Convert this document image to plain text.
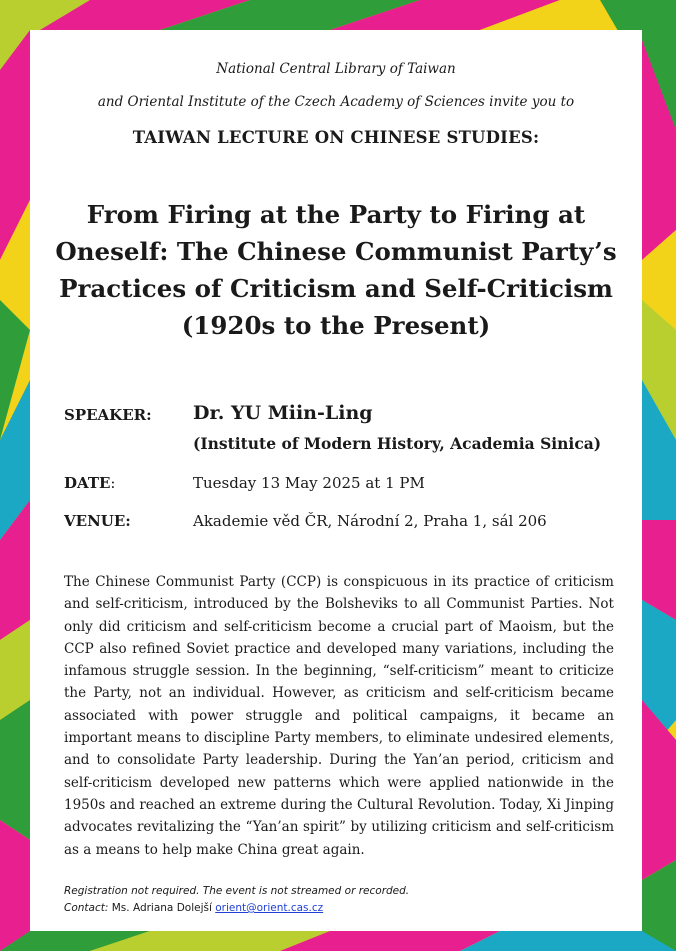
National Central Library of Taiwan
and Oriental Institute of the Czech Academy of Sciences invite you to
TAIWAN LECTURE ON CHINESE STUDIES:
From Firing at the Party to Firing at Oneself: The Chinese Communist Party’s Practices of Criticism and Self-Criticism (1920s to the Present)
SPEAKER: Dr. YU Miin-Ling
(Institute of Modern History, Academia Sinica)
DATE:	Tuesday 13 May 2025 at 1 PM
VENUE:	Akademie věd ČR, Národní 2, Praha 1, sál 206
The Chinese Communist Party (CCP) is conspicuous in its practice of criticism and self-criticism, introduced by the Bolsheviks to all Communist Parties. Not only did criticism and self-criticism become a crucial part of Maoism, but the CCP also refined Soviet practice and developed many variations, including the infamous struggle session. In the beginning, “self-criticism” meant to criticize the Party, not an individual. However, as criticism and self-criticism became associated with power struggle and political campaigns, it became an important means to discipline Party members, to eliminate undesired elements, and to consolidate Party leadership. During the Yan’an period, criticism and self-criticism developed new patterns which were applied nationwide in the 1950s and reached an extreme during the Cultural Revolution. Today, Xi Jinping advocates revitalizing the “Yan’an spirit” by utilizing criticism and self-criticism as a means to help make China great again.
Registration not required. The event is not streamed or recorded.
Contact: Ms. Adriana Dolejší orient@orient.cas.cz
